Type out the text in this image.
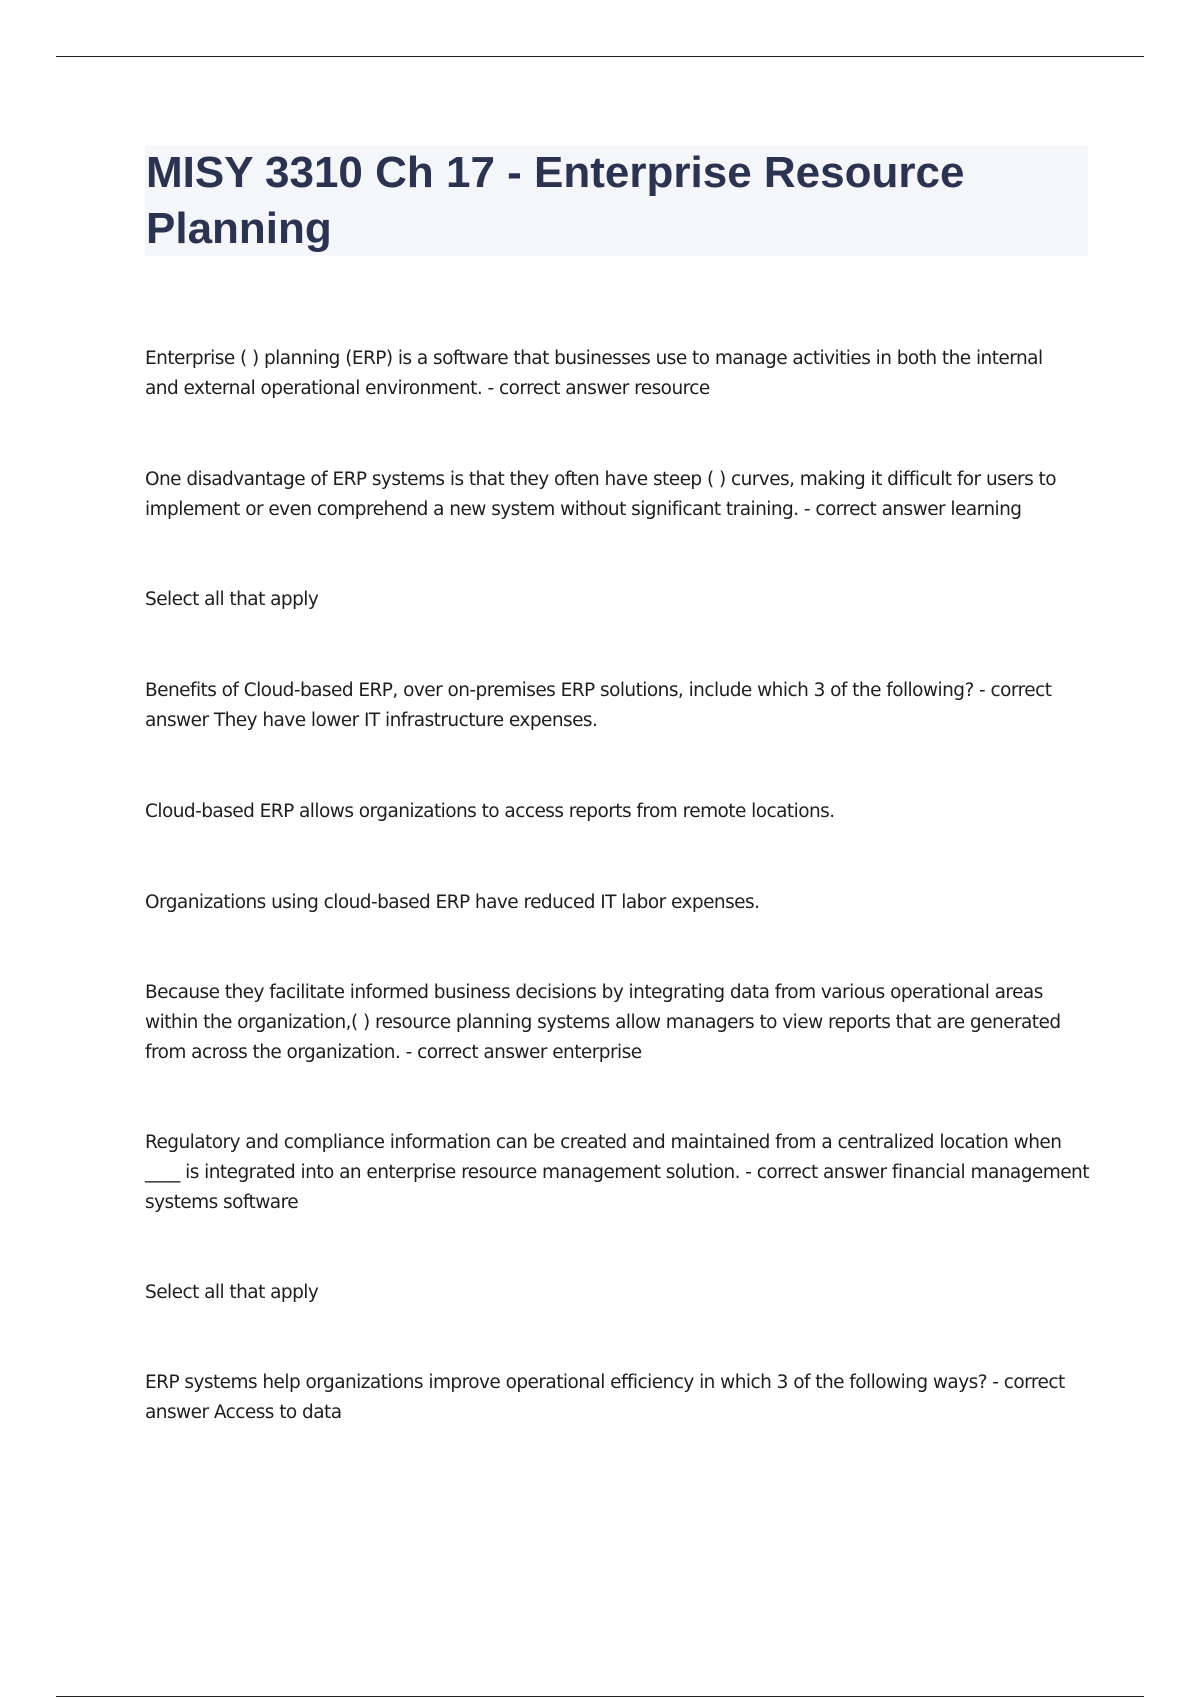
MISY 3310 Ch 17 - Enterprise Resource Planning

Enterprise ( ) planning (ERP) is a software that businesses use to manage activities in both the internal and external operational environment. - correct answer resource

One disadvantage of ERP systems is that they often have steep ( ) curves, making it difficult for users to implement or even comprehend a new system without significant training. - correct answer learning

Select all that apply

Benefits of Cloud-based ERP, over on-premises ERP solutions, include which 3 of the following? - correct answer They have lower IT infrastructure expenses.

Cloud-based ERP allows organizations to access reports from remote locations.

Organizations using cloud-based ERP have reduced IT labor expenses.

Because they facilitate informed business decisions by integrating data from various operational areas within the organization,( ) resource planning systems allow managers to view reports that are generated from across the organization. - correct answer enterprise

Regulatory and compliance information can be created and maintained from a centralized location when ____ is integrated into an enterprise resource management solution. - correct answer financial management systems software

Select all that apply

ERP systems help organizations improve operational efficiency in which 3 of the following ways? - correct answer Access to data
